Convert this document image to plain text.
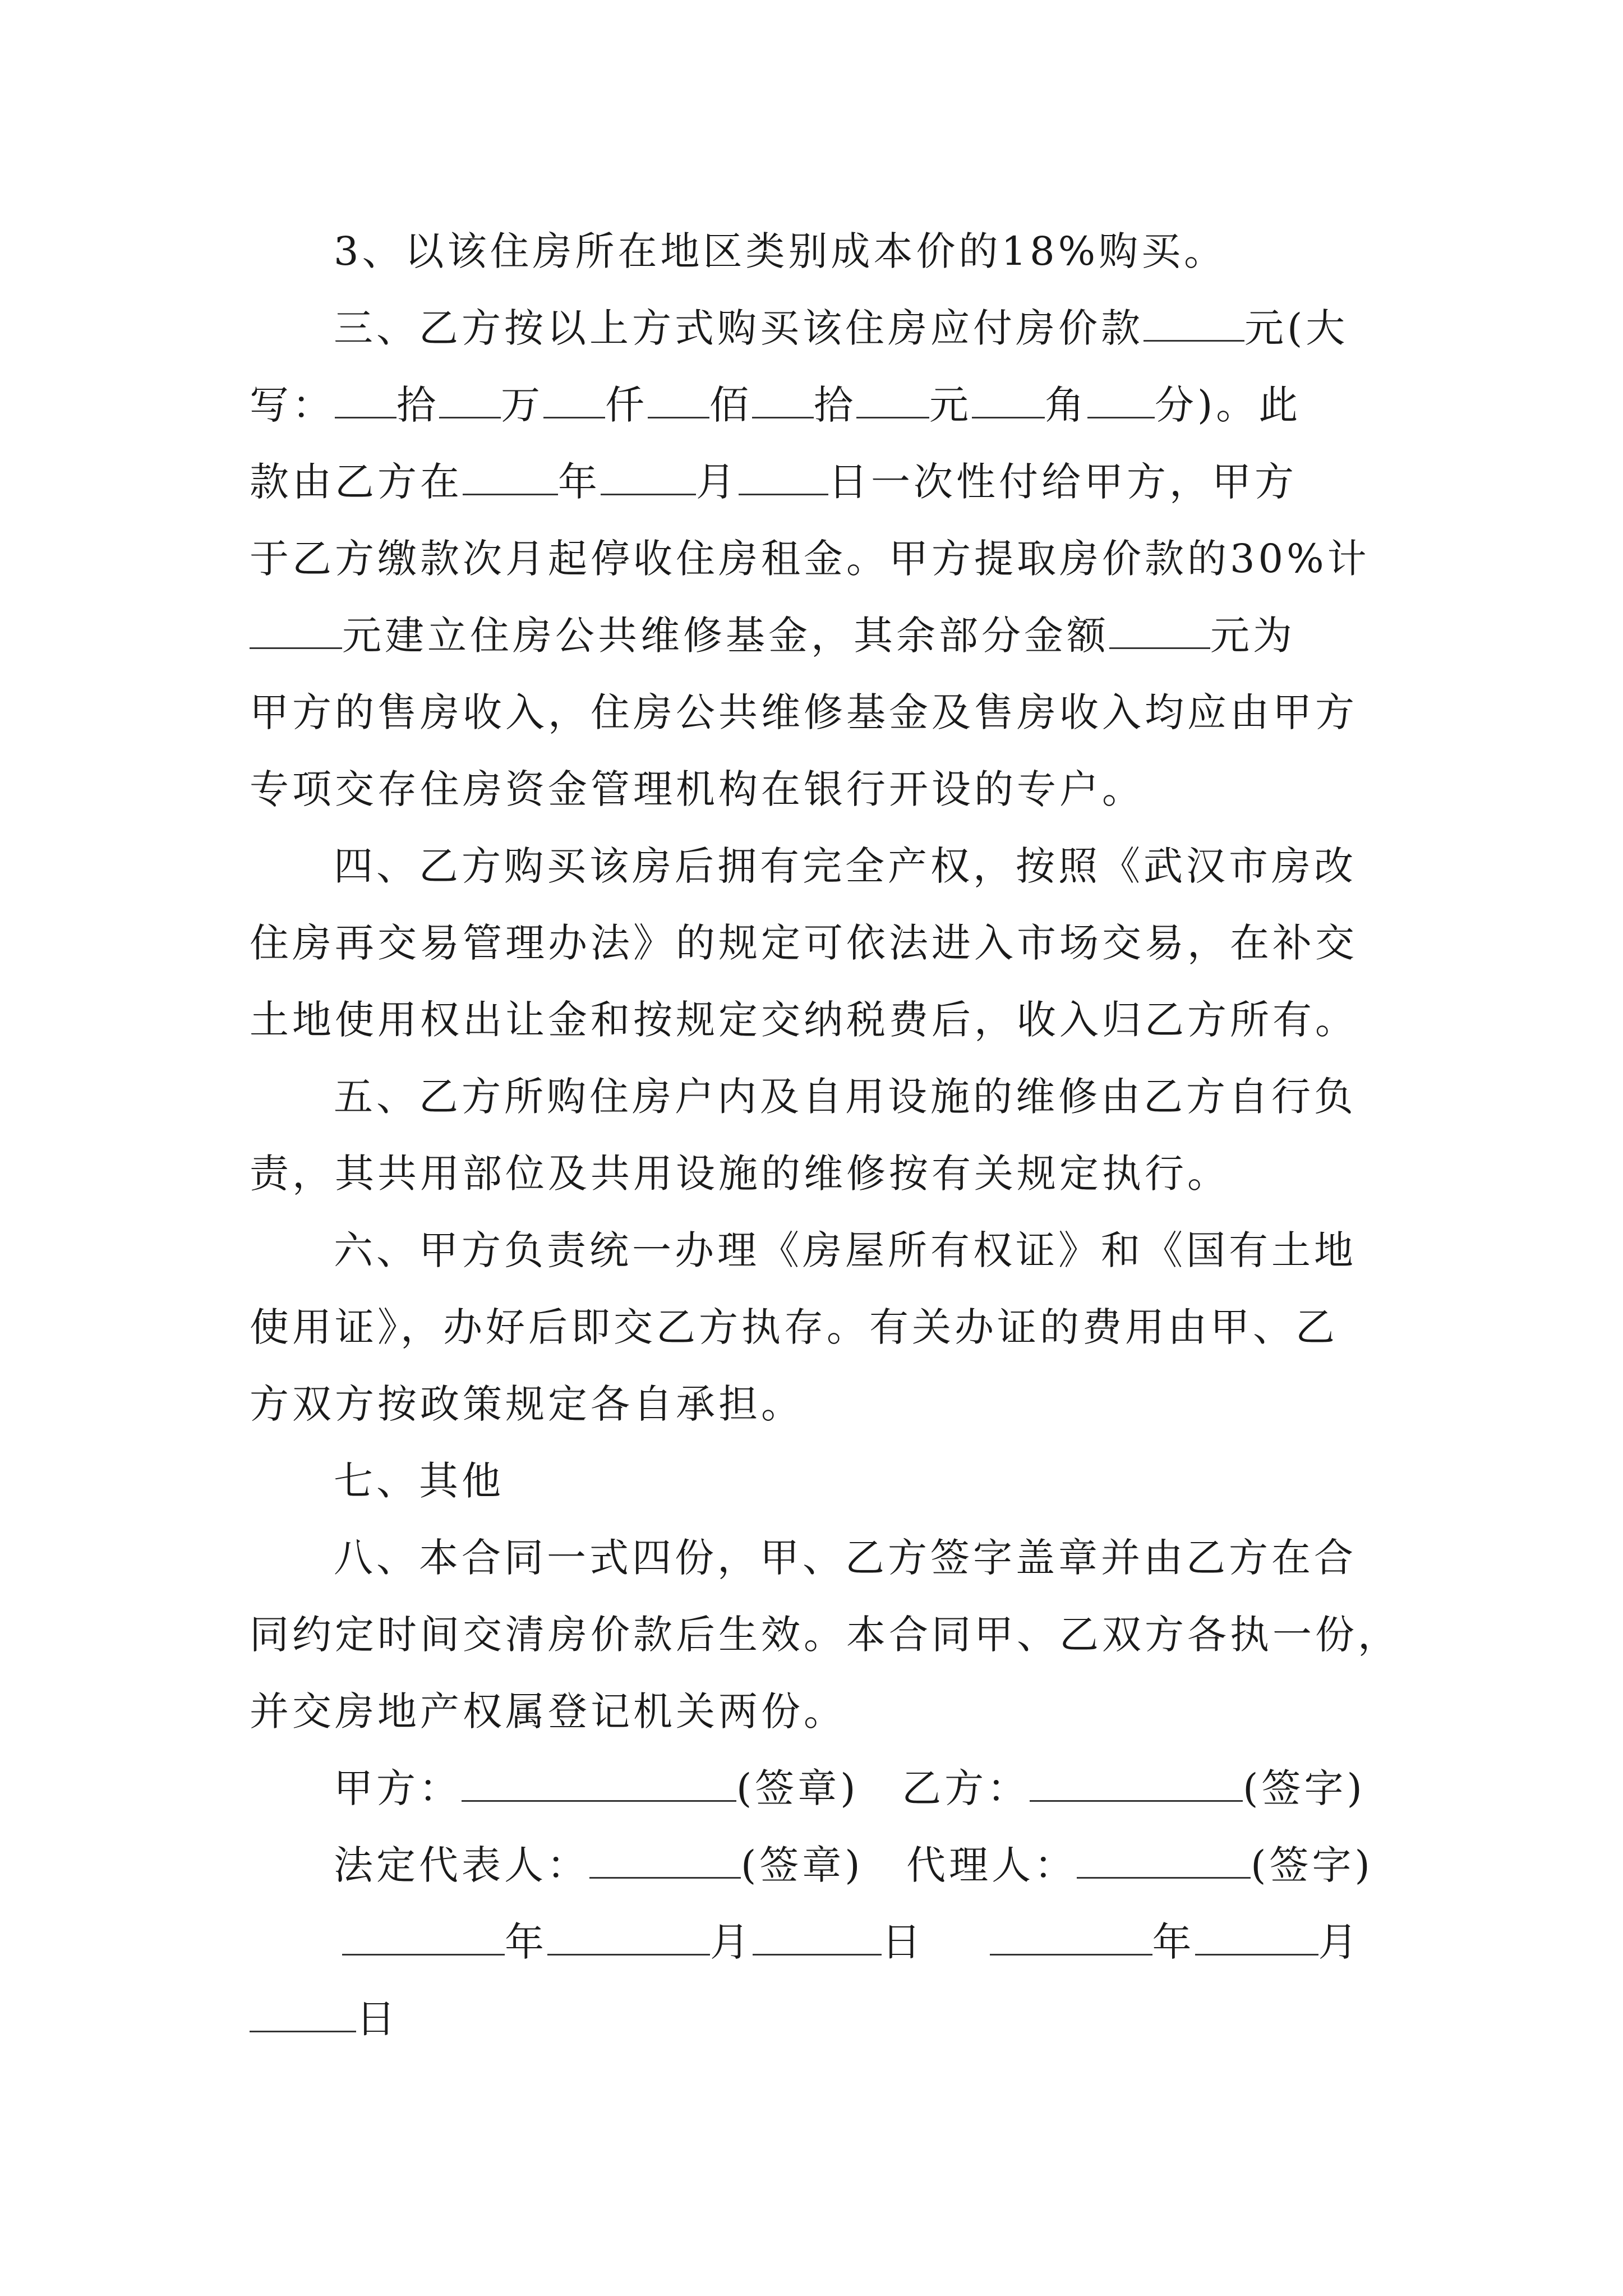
3、以该住房所在地区类别成本价的18%购买。
三、乙方按以上方式购买该住房应付房价款	元(大
写： 拾 万 仟 佰 拾 元 角 分)。此
款由乙方在 年 月 日一次性付给甲方，甲方
于乙方缴款次月起停收住房租金。甲方提取房价款的30%计
元建立住房公共维修基金，其余部分金额	元为
甲方的售房收入，住房公共维修基金及售房收入均应由甲方
专项交存住房资金管理机构在银行开设的专户。
四、乙方购买该房后拥有完全产权，按照《武汉市房改
住房再交易管理办法》的规定可依法进入市场交易，在补交
土地使用权出让金和按规定交纳税费后，收入归乙方所有。
五、乙方所购住房户内及自用设施的维修由乙方自行负
责，其共用部位及共用设施的维修按有关规定执行。
六、甲方负责统一办理《房屋所有权证》和《国有土地
使用证》，办好后即交乙方执存。有关办证的费用由甲、乙
方双方按政策规定各自承担。
七、其他
八、本合同一式四份，甲、乙方签字盖章并由乙方在合
同约定时间交清房价款后生效。本合同甲、乙双方各执一份，
并交房地产权属登记机关两份。
甲方：	(签章) 乙方：	(签字)
法定代表人：	(签章) 代理人：	(签字)
年	月	日	年	月
日
